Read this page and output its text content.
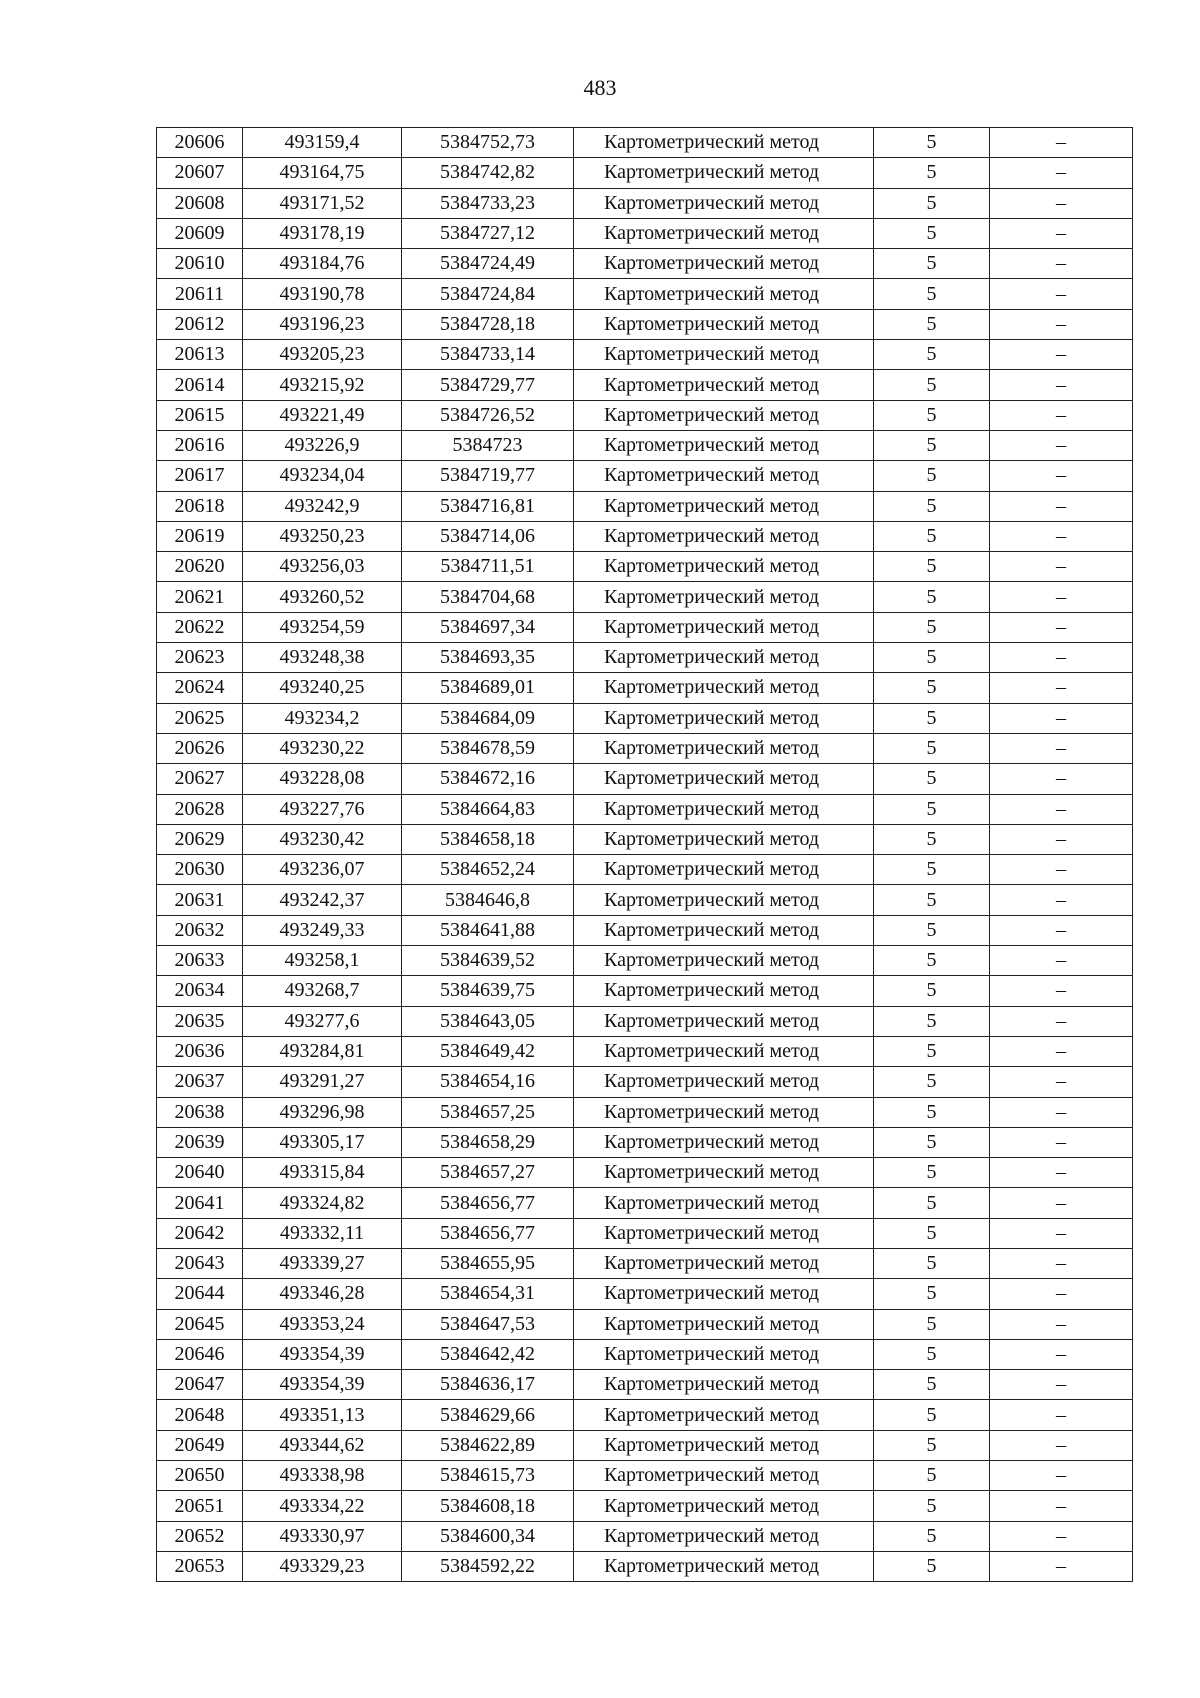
483
20606	493159,4	5384752,73	Картометрический метод	5	–
20607	493164,75	5384742,82	Картометрический метод	5	–
20608	493171,52	5384733,23	Картометрический метод	5	–
20609	493178,19	5384727,12	Картометрический метод	5	–
20610	493184,76	5384724,49	Картометрический метод	5	–
20611	493190,78	5384724,84	Картометрический метод	5	–
20612	493196,23	5384728,18	Картометрический метод	5	–
20613	493205,23	5384733,14	Картометрический метод	5	–
20614	493215,92	5384729,77	Картометрический метод	5	–
20615	493221,49	5384726,52	Картометрический метод	5	–
20616	493226,9	5384723	Картометрический метод	5	–
20617	493234,04	5384719,77	Картометрический метод	5	–
20618	493242,9	5384716,81	Картометрический метод	5	–
20619	493250,23	5384714,06	Картометрический метод	5	–
20620	493256,03	5384711,51	Картометрический метод	5	–
20621	493260,52	5384704,68	Картометрический метод	5	–
20622	493254,59	5384697,34	Картометрический метод	5	–
20623	493248,38	5384693,35	Картометрический метод	5	–
20624	493240,25	5384689,01	Картометрический метод	5	–
20625	493234,2	5384684,09	Картометрический метод	5	–
20626	493230,22	5384678,59	Картометрический метод	5	–
20627	493228,08	5384672,16	Картометрический метод	5	–
20628	493227,76	5384664,83	Картометрический метод	5	–
20629	493230,42	5384658,18	Картометрический метод	5	–
20630	493236,07	5384652,24	Картометрический метод	5	–
20631	493242,37	5384646,8	Картометрический метод	5	–
20632	493249,33	5384641,88	Картометрический метод	5	–
20633	493258,1	5384639,52	Картометрический метод	5	–
20634	493268,7	5384639,75	Картометрический метод	5	–
20635	493277,6	5384643,05	Картометрический метод	5	–
20636	493284,81	5384649,42	Картометрический метод	5	–
20637	493291,27	5384654,16	Картометрический метод	5	–
20638	493296,98	5384657,25	Картометрический метод	5	–
20639	493305,17	5384658,29	Картометрический метод	5	–
20640	493315,84	5384657,27	Картометрический метод	5	–
20641	493324,82	5384656,77	Картометрический метод	5	–
20642	493332,11	5384656,77	Картометрический метод	5	–
20643	493339,27	5384655,95	Картометрический метод	5	–
20644	493346,28	5384654,31	Картометрический метод	5	–
20645	493353,24	5384647,53	Картометрический метод	5	–
20646	493354,39	5384642,42	Картометрический метод	5	–
20647	493354,39	5384636,17	Картометрический метод	5	–
20648	493351,13	5384629,66	Картометрический метод	5	–
20649	493344,62	5384622,89	Картометрический метод	5	–
20650	493338,98	5384615,73	Картометрический метод	5	–
20651	493334,22	5384608,18	Картометрический метод	5	–
20652	493330,97	5384600,34	Картометрический метод	5	–
20653	493329,23	5384592,22	Картометрический метод	5	–
